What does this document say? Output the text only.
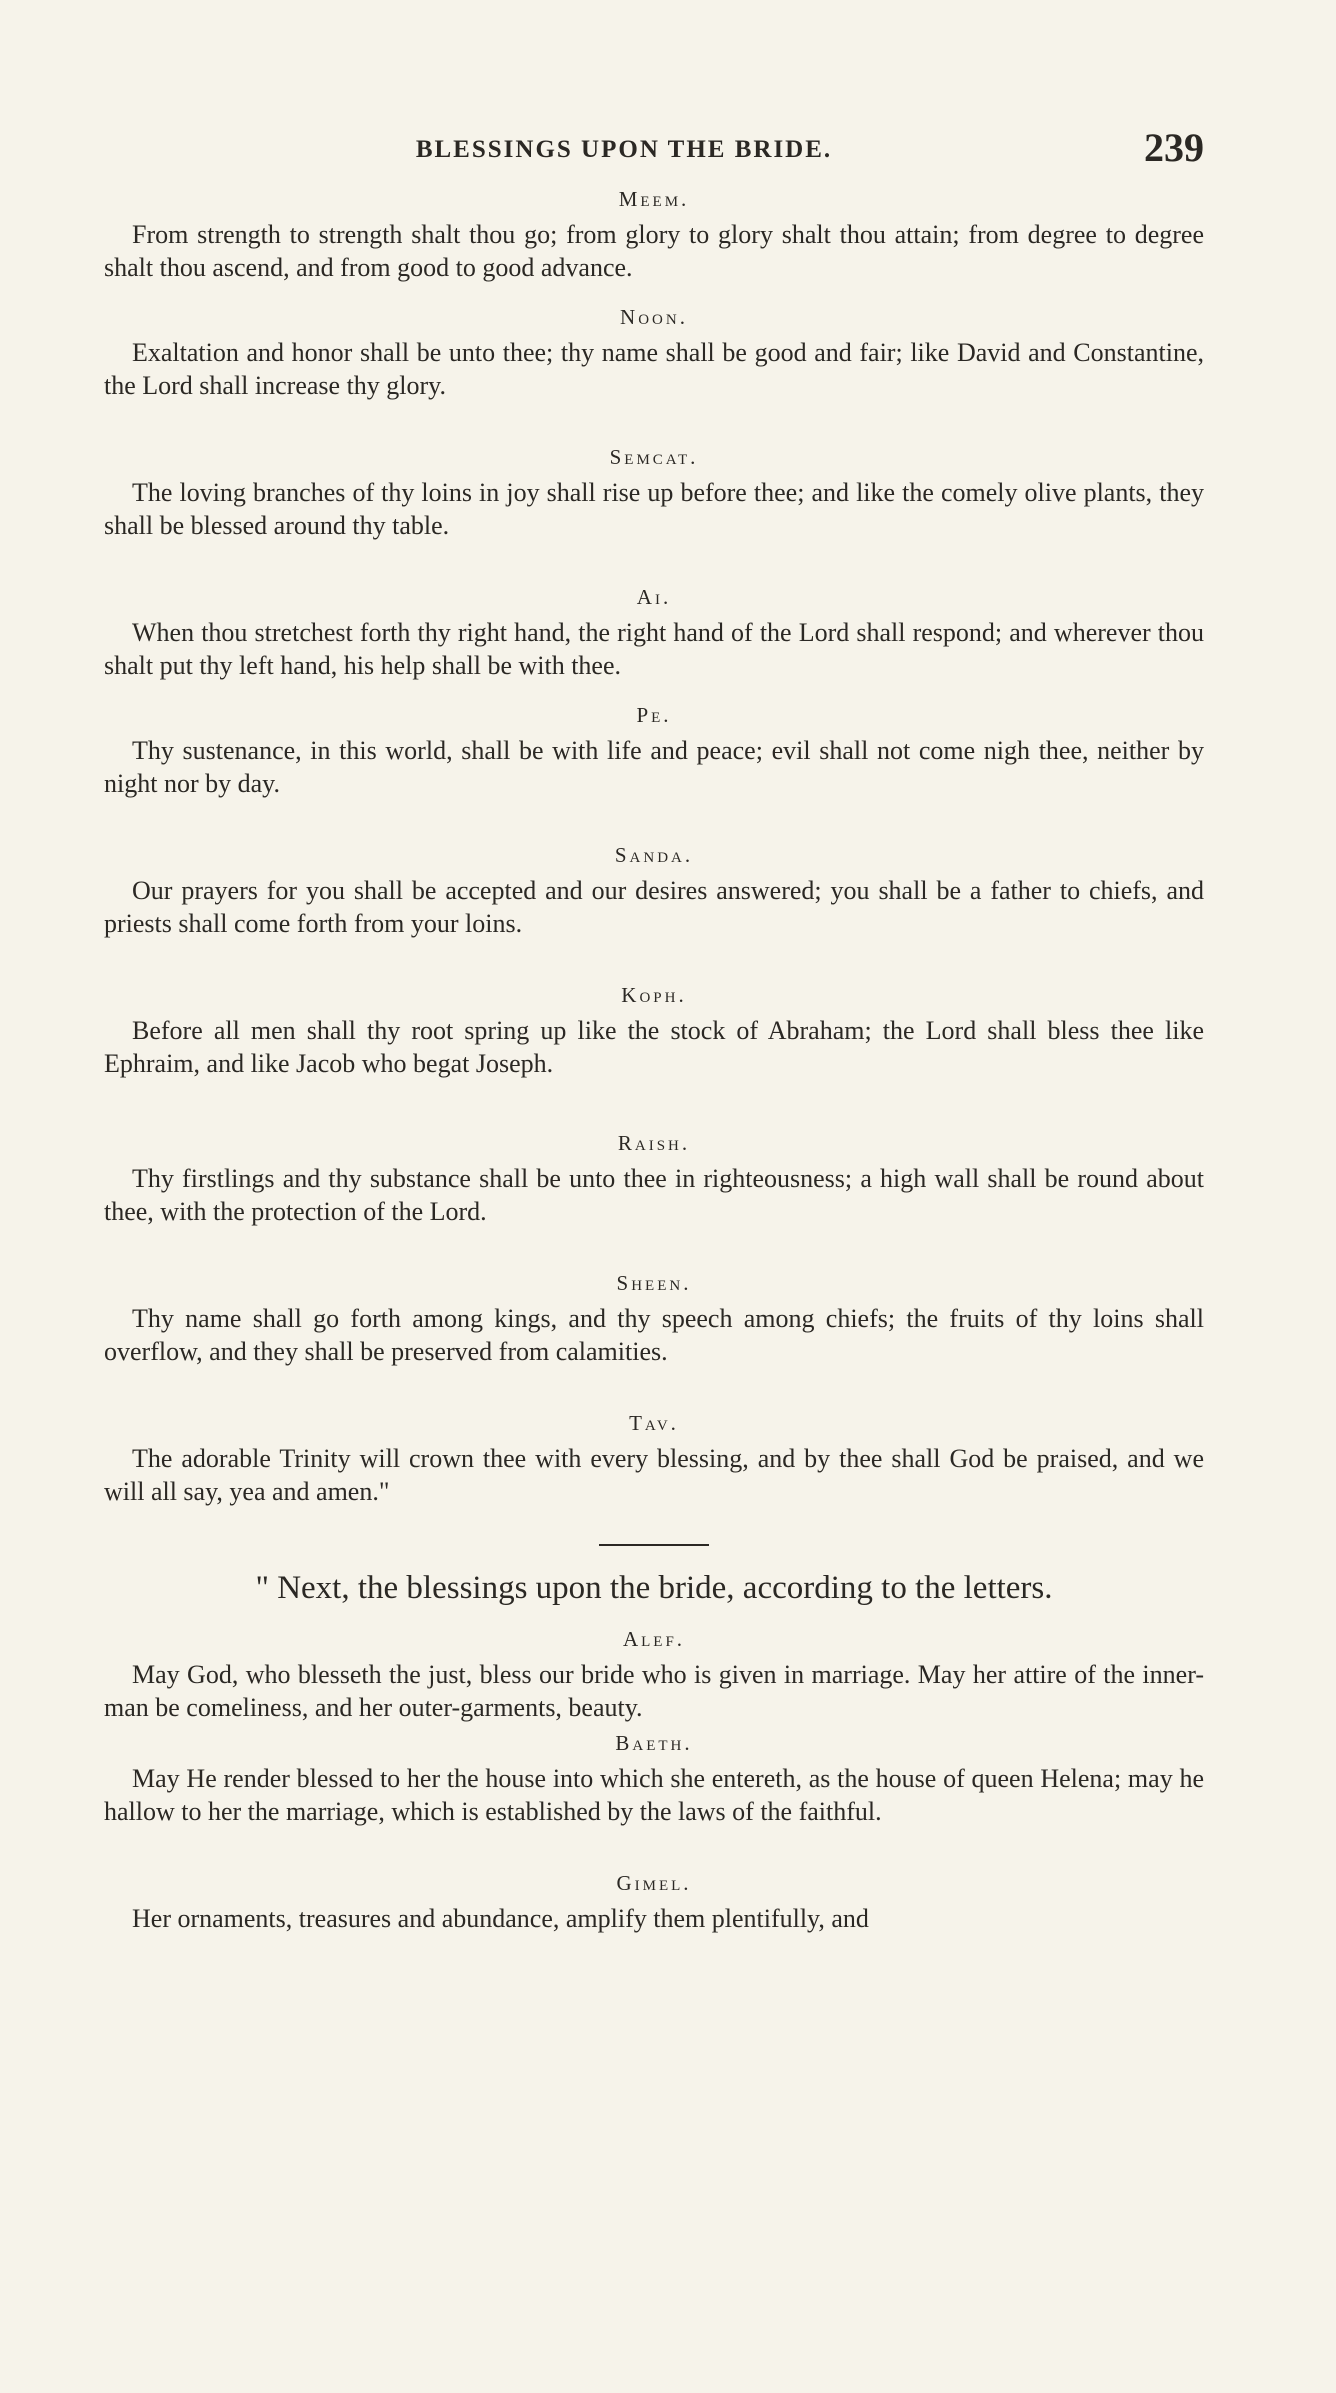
BLESSINGS UPON THE BRIDE.	239
Meem.

From strength to strength shalt thou go; from glory to glory shalt thou attain; from degree to degree shalt thou ascend, and from good to good advance.

Noon.

Exaltation and honor shall be unto thee; thy name shall be good and fair; like David and Constantine, the Lord shall increase thy glory.

Semcat.

The loving branches of thy loins in joy shall rise up before thee; and like the comely olive plants, they shall be blessed around thy table.

Ai.

When thou stretchest forth thy right hand, the right hand of the Lord shall respond; and wherever thou shalt put thy left hand, his help shall be with thee.

Pe.

Thy sustenance, in this world, shall be with life and peace; evil shall not come nigh thee, neither by night nor by day.

Sanda.

Our prayers for you shall be accepted and our desires answered; you shall be a father to chiefs, and priests shall come forth from your loins.

Koph.

Before all men shall thy root spring up like the stock of Abraham; the Lord shall bless thee like Ephraim, and like Jacob who begat Joseph.

Raish.

Thy firstlings and thy substance shall be unto thee in righteousness; a high wall shall be round about thee, with the protection of the Lord.

Sheen.

Thy name shall go forth among kings, and thy speech among chiefs; the fruits of thy loins shall overflow, and they shall be preserved from calamities.

Tav.

The adorable Trinity will crown thee with every blessing, and by thee shall God be praised, and we will all say, yea and amen."

" Next, the blessings upon the bride, according to the letters.

Alef.

May God, who blesseth the just, bless our bride who is given in marriage. May her attire of the inner-man be comeliness, and her outer-garments, beauty.

Baeth.

May He render blessed to her the house into which she entereth, as the house of queen Helena; may he hallow to her the marriage, which is established by the laws of the faithful.

Gimel.

Her ornaments, treasures and abundance, amplify them plentifully, and
